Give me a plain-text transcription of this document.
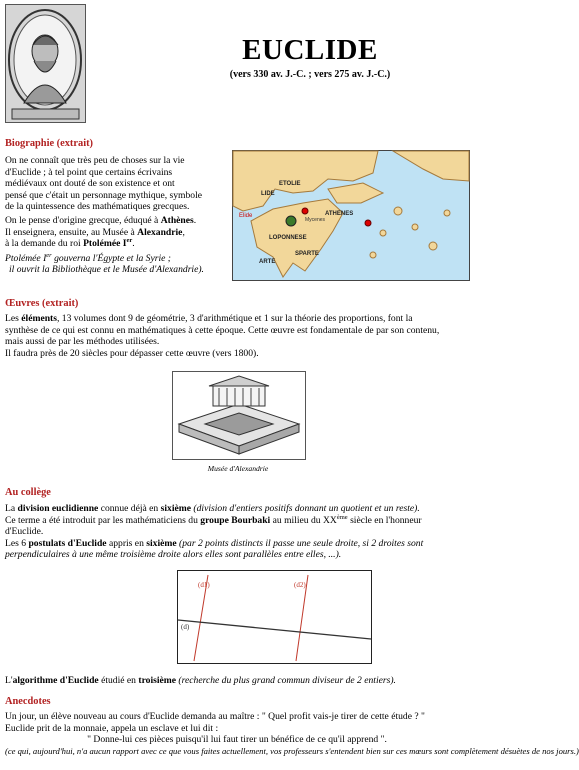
EUCLIDE
(vers 330 av. J.-C. ; vers 275 av. J.-C.)
Biographie (extrait)

On ne connaît que très peu de choses sur la vie

d'Euclide ; à tel point que certains écrivains

médiévaux ont douté de son existence et ont

pensé que c'était un personnage mythique, symbole

de la quintessence des mathématiques grecques.

On le pense d'origine grecque, éduqué à Athènes.

Il enseignera, ensuite, au Musée à Alexandrie,

à la demande du roi Ptolémée Ier.

Ptolémée Ier gouverna l'Égypte et la Syrie ;

il ouvrit la Bibliothèque et le Musée d'Alexandrie).

ETOLIE
LIDE
LOPONNESE
ARTE
SPARTE
ATHENES
Mycenes
Elide
Œuvres (extrait)

Les éléments, 13 volumes dont 9 de géométrie, 3 d'arithmétique et 1 sur la théorie des proportions, font la

synthèse de ce qui est connu en mathématiques à cette époque. Cette œuvre est fondamentale de par son contenu,

mais aussi de par les méthodes utilisées.

Il faudra près de 20 siècles pour dépasser cette œuvre (vers 1800).

Musée d'Alexandrie
Au collège

La division euclidienne connue déjà en sixième (division d'entiers positifs donnant un quotient et un reste).

Ce terme a été introduit par les mathématiciens du groupe Bourbaki au milieu du XXème siècle en l'honneur

d'Euclide.

Les 6 postulats d'Euclide appris en sixième (par 2 points distincts il passe une seule droite, si 2 droites sont

perpendiculaires à une même troisième droite alors elles sont parallèles entre elles, ...).

(d1)	(d2)
(d)

L'algorithme d'Euclide étudié en troisième (recherche du plus grand commun diviseur de 2 entiers).

Anecdotes

Un jour, un élève nouveau au cours d'Euclide demanda au maître : " Quel profit vais-je tirer de cette étude ? "

Euclide prit de la monnaie, appela un esclave et lui dit :

" Donne-lui ces pièces puisqu'il lui faut tirer un bénéfice de ce qu'il apprend ".

(ce qui, aujourd'hui, n'a aucun rapport avec ce que vous faites actuellement, vos professeurs s'entendent bien sur ces mœurs sont complètement désuètes de nos jours.)
